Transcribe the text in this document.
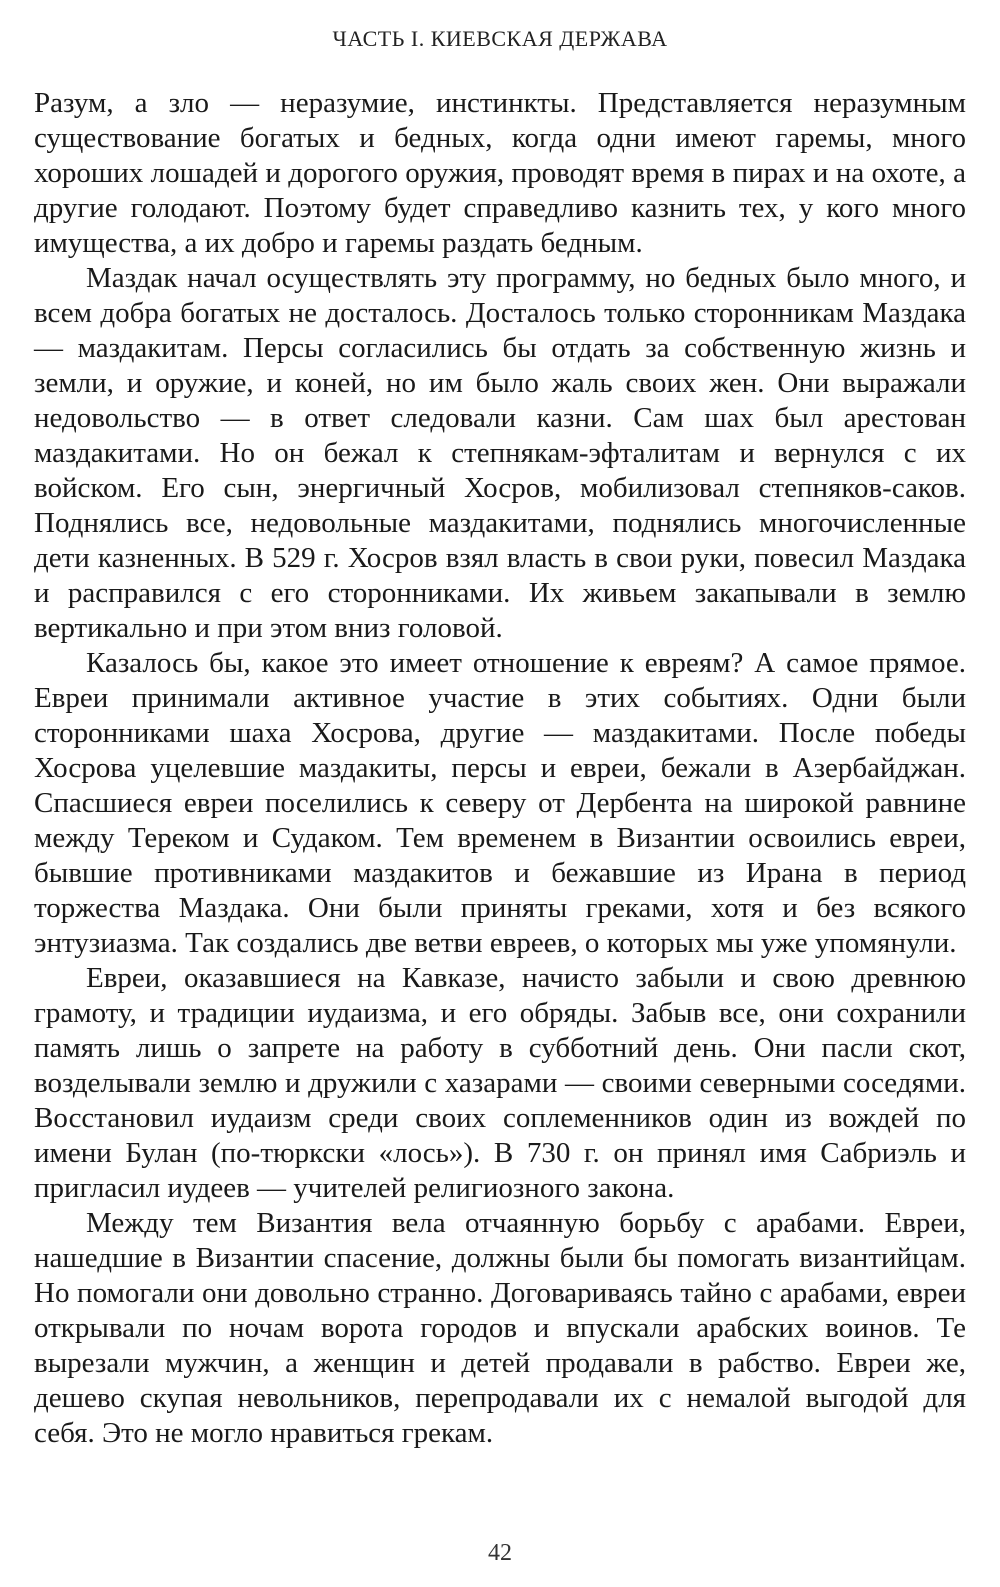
ЧАСТЬ I. КИЕВСКАЯ ДЕРЖАВА

Разум, а зло — неразумие, инстинкты. Представляется неразумным существование богатых и бедных, когда одни имеют гаремы, много хороших лошадей и дорогого оружия, проводят время в пирах и на охоте, а другие голодают. Поэтому будет справедливо казнить тех, у кого много имущества, а их добро и гаремы раздать бедным.

Маздак начал осуществлять эту программу, но бедных было много, и всем добра богатых не досталось. Досталось только сторонникам Маздака — маздакитам. Персы согласились бы отдать за собственную жизнь и земли, и оружие, и коней, но им было жаль своих жен. Они выражали недовольство — в ответ следовали казни. Сам шах был арестован маздакитами. Но он бежал к степнякам-эфталитам и вернулся с их войском. Его сын, энергичный Хосров, мобилизовал степняков-саков. Поднялись все, недовольные маздакитами, поднялись многочисленные дети казненных. В 529 г. Хосров взял власть в свои руки, повесил Маздака и расправился с его сторонниками. Их живьем закапывали в землю вертикально и при этом вниз головой.

Казалось бы, какое это имеет отношение к евреям? А самое прямое. Евреи принимали активное участие в этих событиях. Одни были сторонниками шаха Хосрова, другие — маздакитами. После победы Хосрова уцелевшие маздакиты, персы и евреи, бежали в Азербайджан. Спасшиеся евреи поселились к северу от Дербента на широкой равнине между Тереком и Судаком. Тем временем в Византии освоились евреи, бывшие противниками маздакитов и бежавшие из Ирана в период торжества Маздака. Они были приняты греками, хотя и без всякого энтузиазма. Так создались две ветви евреев, о которых мы уже упомянули.

Евреи, оказавшиеся на Кавказе, начисто забыли и свою древнюю грамоту, и традиции иудаизма, и его обряды. Забыв все, они сохранили память лишь о запрете на работу в субботний день. Они пасли скот, возделывали землю и дружили с хазарами — своими северными соседями. Восстановил иудаизм среди своих соплеменников один из вождей по имени Булан (по-тюркски «лось»). В 730 г. он принял имя Сабриэль и пригласил иудеев — учителей религиозного закона.

Между тем Византия вела отчаянную борьбу с арабами. Евреи, нашедшие в Византии спасение, должны были бы помогать византийцам. Но помогали они довольно странно. Договариваясь тайно с арабами, евреи открывали по ночам ворота городов и впускали арабских воинов. Те вырезали мужчин, а женщин и детей продавали в рабство. Евреи же, дешево скупая невольников, перепродавали их с немалой выгодой для себя. Это не могло нравиться грекам.

42
